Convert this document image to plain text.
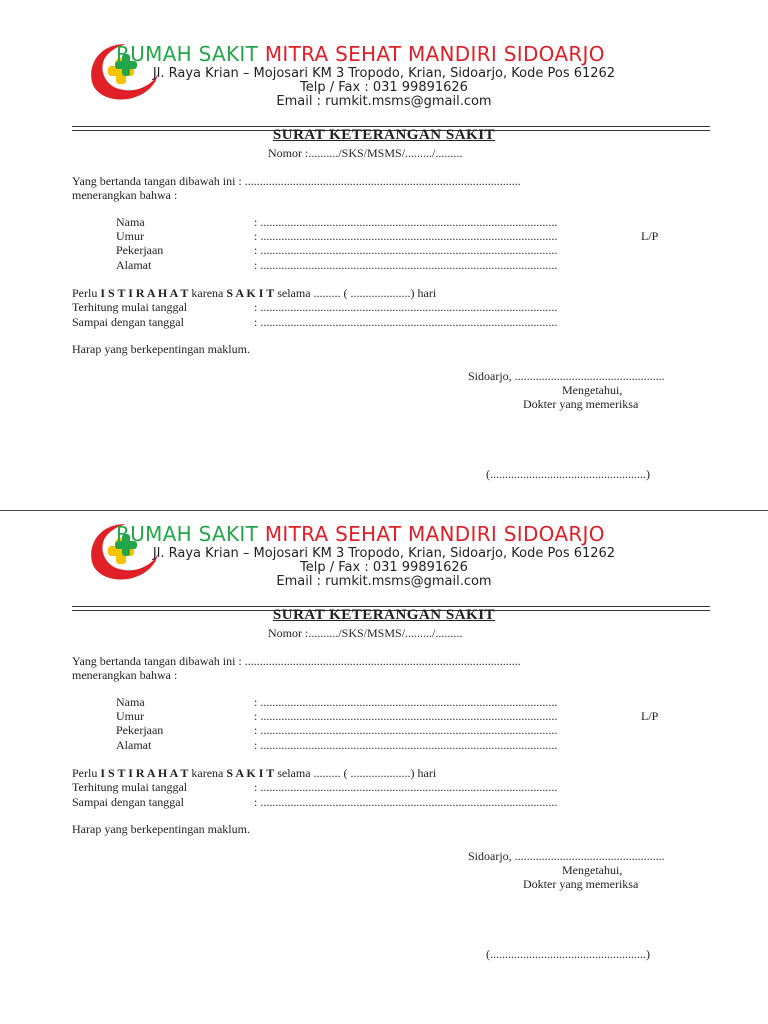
RUMAH SAKIT MITRA SEHAT MANDIRI SIDOARJO
Jl. Raya Krian – Mojosari KM 3 Tropodo, Krian, Sidoarjo, Kode Pos 61262
Telp / Fax : 031 99891626
Email : rumkit.msms@gmail.com
SURAT KETERANGAN SAKIT
Nomor :........../SKS/MSMS/........./.........
Yang bertanda tangan dibawah ini : ............................................................................................
menerangkan bahwa :
Nama	: ...................................................................................................
Umur	: ...................................................................................................	L/P
Pekerjaan	: ...................................................................................................
Alamat	: ...................................................................................................
Perlu I S T I R A H A T karena S A K I T selama ......... ( ....................) hari
Terhitung mulai tanggal	: ...................................................................................................
Sampai dengan tanggal	: ...................................................................................................
Harap yang berkepentingan maklum.
Sidoarjo, ..................................................
Mengetahui,
Dokter yang memeriksa
(....................................................)
RUMAH SAKIT MITRA SEHAT MANDIRI SIDOARJO
Jl. Raya Krian – Mojosari KM 3 Tropodo, Krian, Sidoarjo, Kode Pos 61262
Telp / Fax : 031 99891626
Email : rumkit.msms@gmail.com
SURAT KETERANGAN SAKIT
Nomor :........../SKS/MSMS/........./.........
Yang bertanda tangan dibawah ini : ............................................................................................
menerangkan bahwa :
Nama	: ...................................................................................................
Umur	: ...................................................................................................	L/P
Pekerjaan	: ...................................................................................................
Alamat	: ...................................................................................................
Perlu I S T I R A H A T karena S A K I T selama ......... ( ....................) hari
Terhitung mulai tanggal	: ...................................................................................................
Sampai dengan tanggal	: ...................................................................................................
Harap yang berkepentingan maklum.
Sidoarjo, ..................................................
Mengetahui,
Dokter yang memeriksa
(....................................................)
